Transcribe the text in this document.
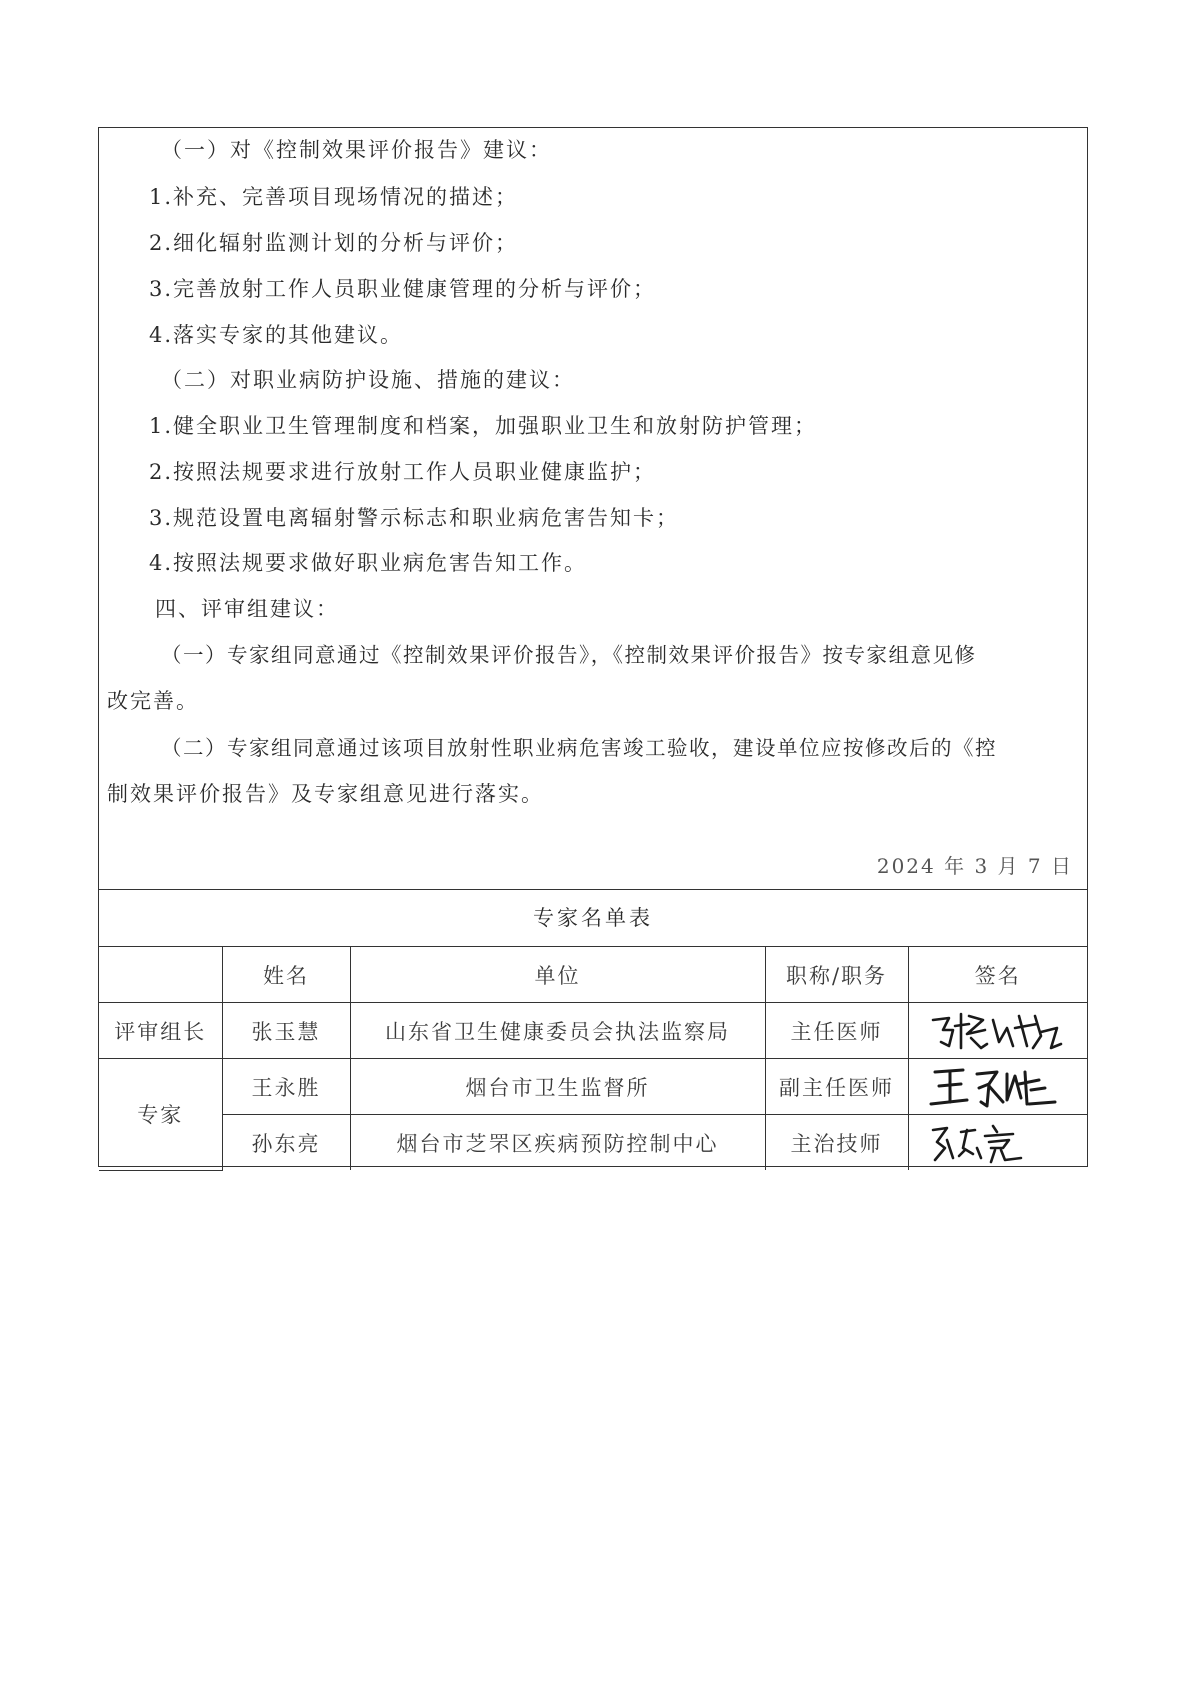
（一）对《控制效果评价报告》建议：
1.补充、完善项目现场情况的描述；
2.细化辐射监测计划的分析与评价；
3.完善放射工作人员职业健康管理的分析与评价；
4.落实专家的其他建议。
（二）对职业病防护设施、措施的建议：
1.健全职业卫生管理制度和档案，加强职业卫生和放射防护管理；
2.按照法规要求进行放射工作人员职业健康监护；
3.规范设置电离辐射警示标志和职业病危害告知卡；
4.按照法规要求做好职业病危害告知工作。
四、评审组建议：
（一）专家组同意通过《控制效果评价报告》，《控制效果评价报告》按专家组意见修
改完善。
（二）专家组同意通过该项目放射性职业病危害竣工验收，建设单位应按修改后的《控
制效果评价报告》及专家组意见进行落实。
2024 年 3 月 7 日
专家名单表
	姓名	单位	职称/职务	签名
评审组长	张玉慧	山东省卫生健康委员会执法监察局	主任医师	

专家	王永胜	烟台市卫生监督所	副主任医师	

	孙东亮	烟台市芝罘区疾病预防控制中心	主治技师	
